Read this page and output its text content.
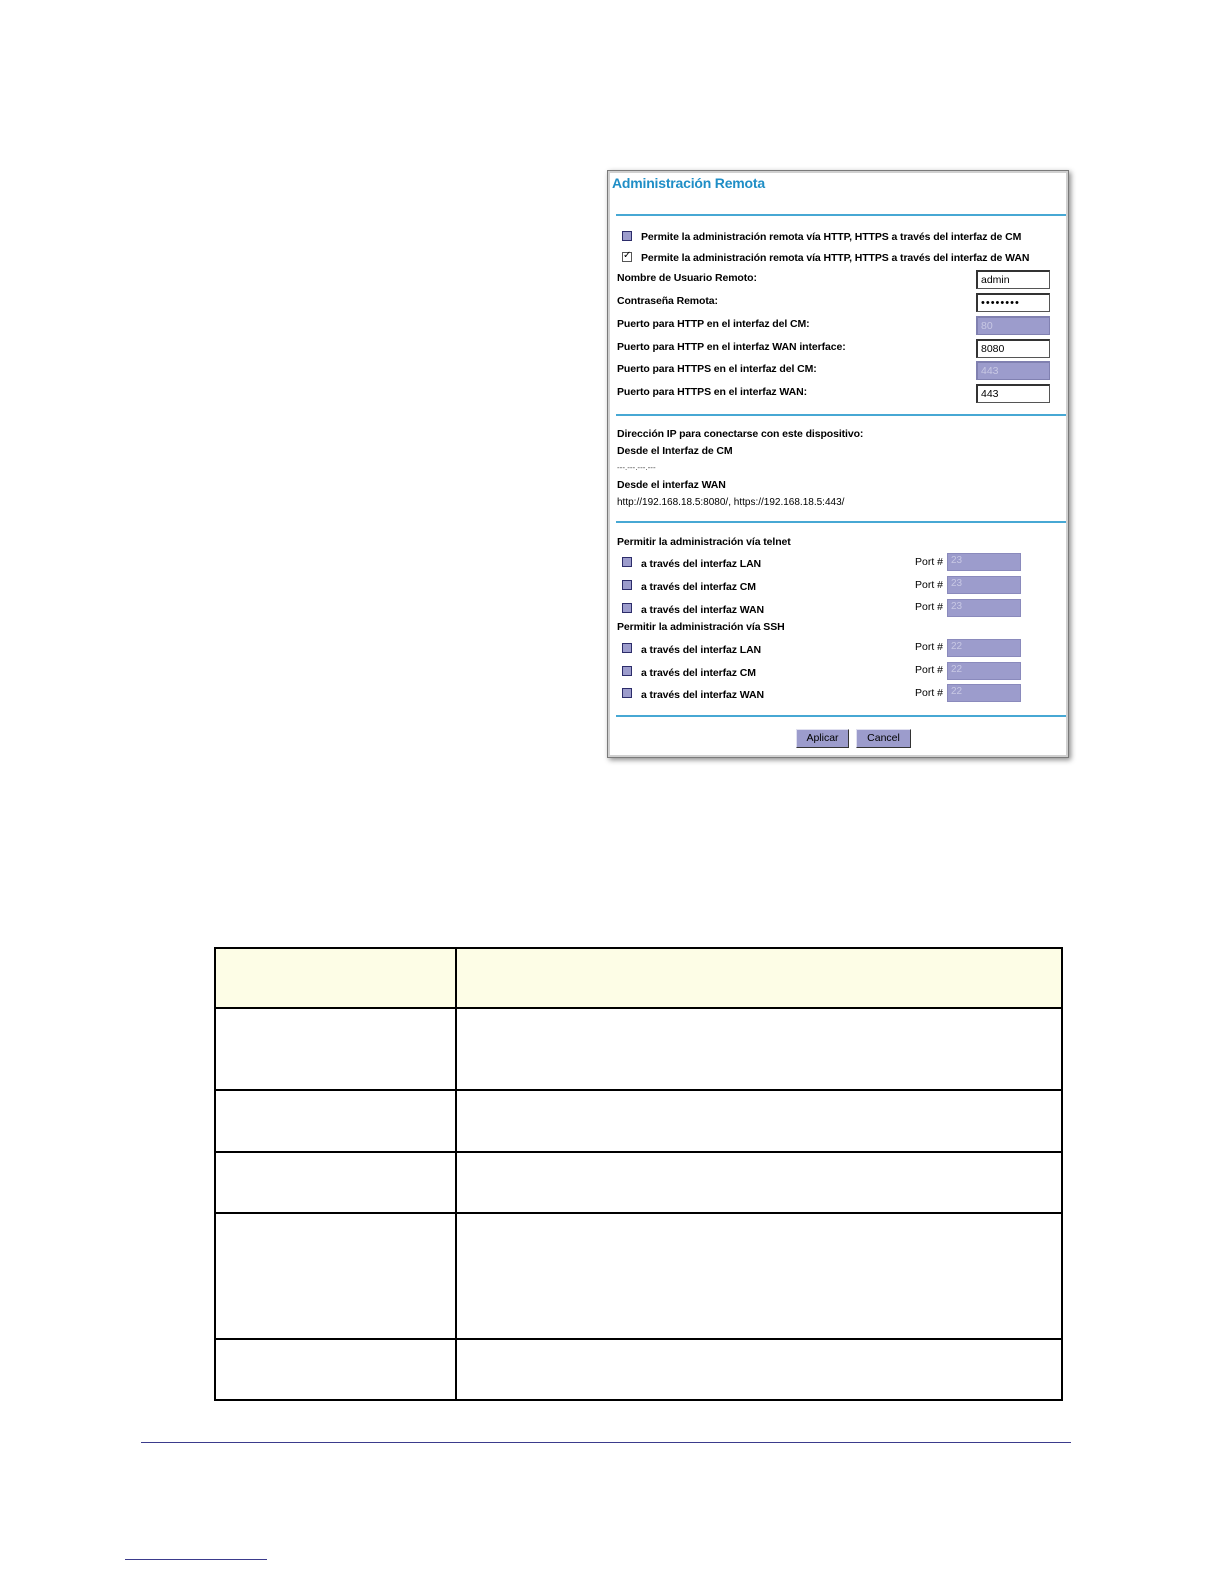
Administración Remota
Permite la administración remota vía HTTP, HTTPS a través del interfaz de CM
✓
Permite la administración remota vía HTTP, HTTPS a través del interfaz de WAN
Nombre de Usuario Remoto:
admin
Contraseña Remota:
••••••••
Puerto para HTTP en el interfaz del CM:
80
Puerto para HTTP en el interfaz WAN interface:
8080
Puerto para HTTPS en el interfaz del CM:
443
Puerto para HTTPS en el interfaz WAN:
443
Dirección IP para conectarse con este dispositivo:
Desde el Interfaz de CM
---.---.---.---
Desde el interfaz WAN
http://192.168.18.5:8080/, https://192.168.18.5:443/
Permitir la administración vía telnet
a través del interfaz LAN	Port # 23
a través del interfaz CM	Port # 23
a través del interfaz WAN	Port # 23
Permitir la administración vía SSH
a través del interfaz LAN	Port # 22
a través del interfaz CM	Port # 22
a través del interfaz WAN	Port # 22
Aplicar	Cancel
